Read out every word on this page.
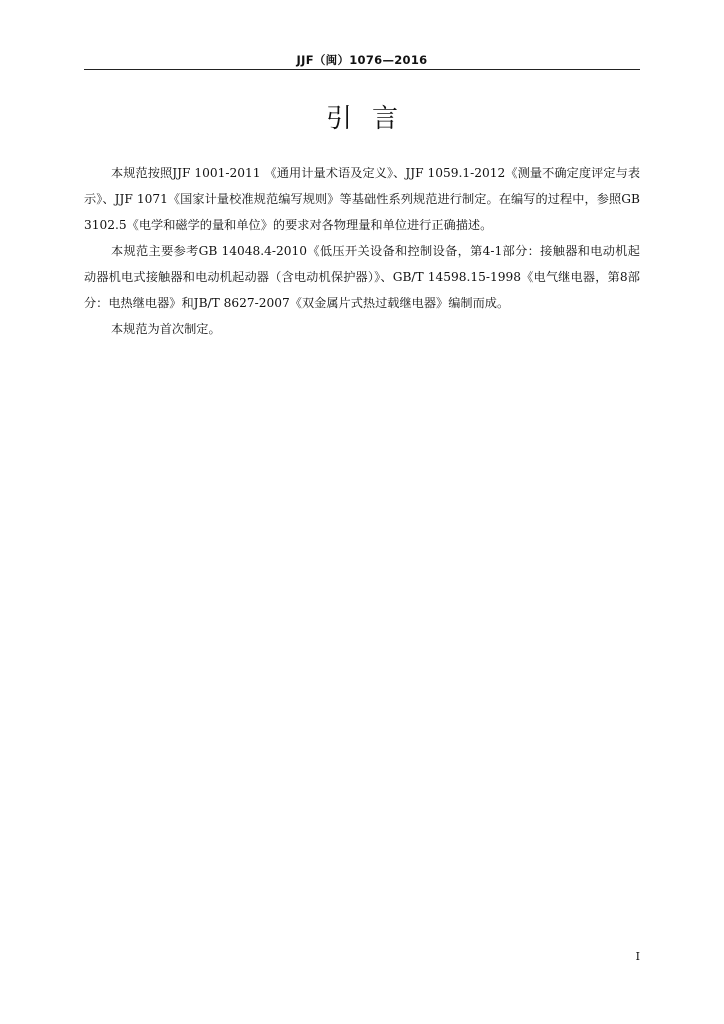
JJF（闽）1076—2016
引言

本规范按照JJF 1001-2011 《通用计量术语及定义》、JJF 1059.1-2012《测量不确定度评定与表示》、JJF 1071《国家计量校准规范编写规则》等基础性系列规范进行制定。在编写的过程中，参照GB 3102.5《电学和磁学的量和单位》的要求对各物理量和单位进行正确描述。

本规范主要参考GB 14048.4-2010《低压开关设备和控制设备，第4-1部分：接触器和电动机起动器机电式接触器和电动机起动器（含电动机保护器）》、GB/T 14598.15-1998《电气继电器，第8部分：电热继电器》和JB/T 8627-2007《双金属片式热过载继电器》编制而成。

本规范为首次制定。

I
